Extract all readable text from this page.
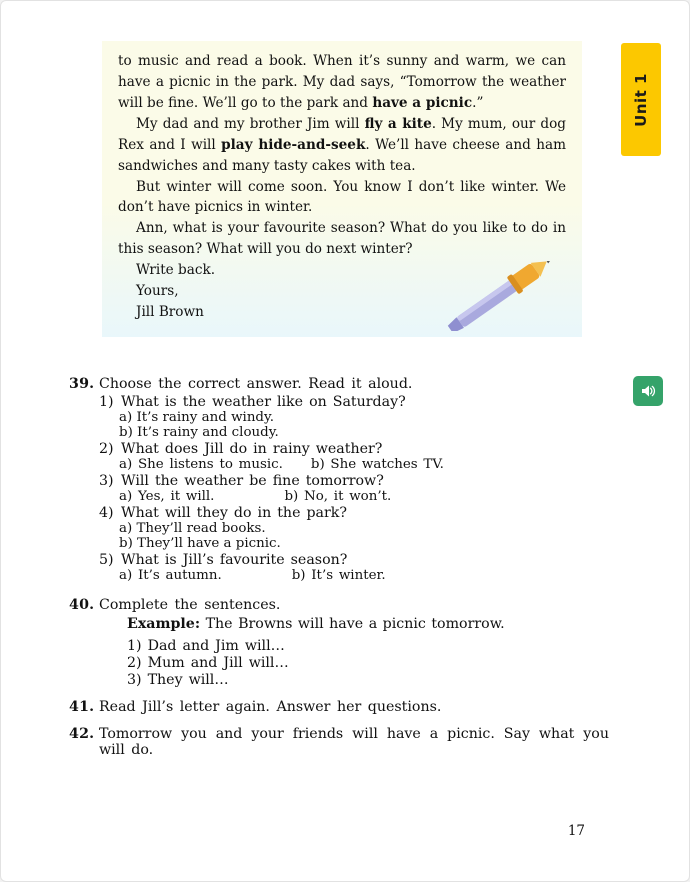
Unit 1

to music and read a book. When it’s sunny and warm, we can have a picnic in the park. My dad says, “Tomorrow the weather will be fine. We’ll go to the park and have a picnic.”

My dad and my brother Jim will fly a kite. My mum, our dog Rex and I will play hide-and-seek. We’ll have cheese and ham sandwiches and many tasty cakes with tea.

But winter will come soon. You know I don’t like winter. We don’t have picnics in winter.

Ann, what is your favourite season? What do you like to do in this season? What will you do next winter?

Write back.

Yours,

Jill Brown

39. Choose the correct answer. Read it aloud.
1) What is the weather like on Saturday?
a) It’s rainy and windy.
b) It’s rainy and cloudy.
2) What does Jill do in rainy weather?
a) She listens to music. b) She watches TV.
3) Will the weather be fine tomorrow?
a) Yes, it will.	b) No, it won’t.
4) What will they do in the park?
a) They’ll read books.
b) They’ll have a picnic.
5) What is Jill’s favourite season?
a) It’s autumn.	b) It’s winter.
40. Complete the sentences.
Example: The Browns will have a picnic tomorrow.
1) Dad and Jim will…
2) Mum and Jill will…
3) They will…
41. Read Jill’s letter again. Answer her questions.
42. Tomorrow you and your friends will have a picnic. Say what you will do.
17
